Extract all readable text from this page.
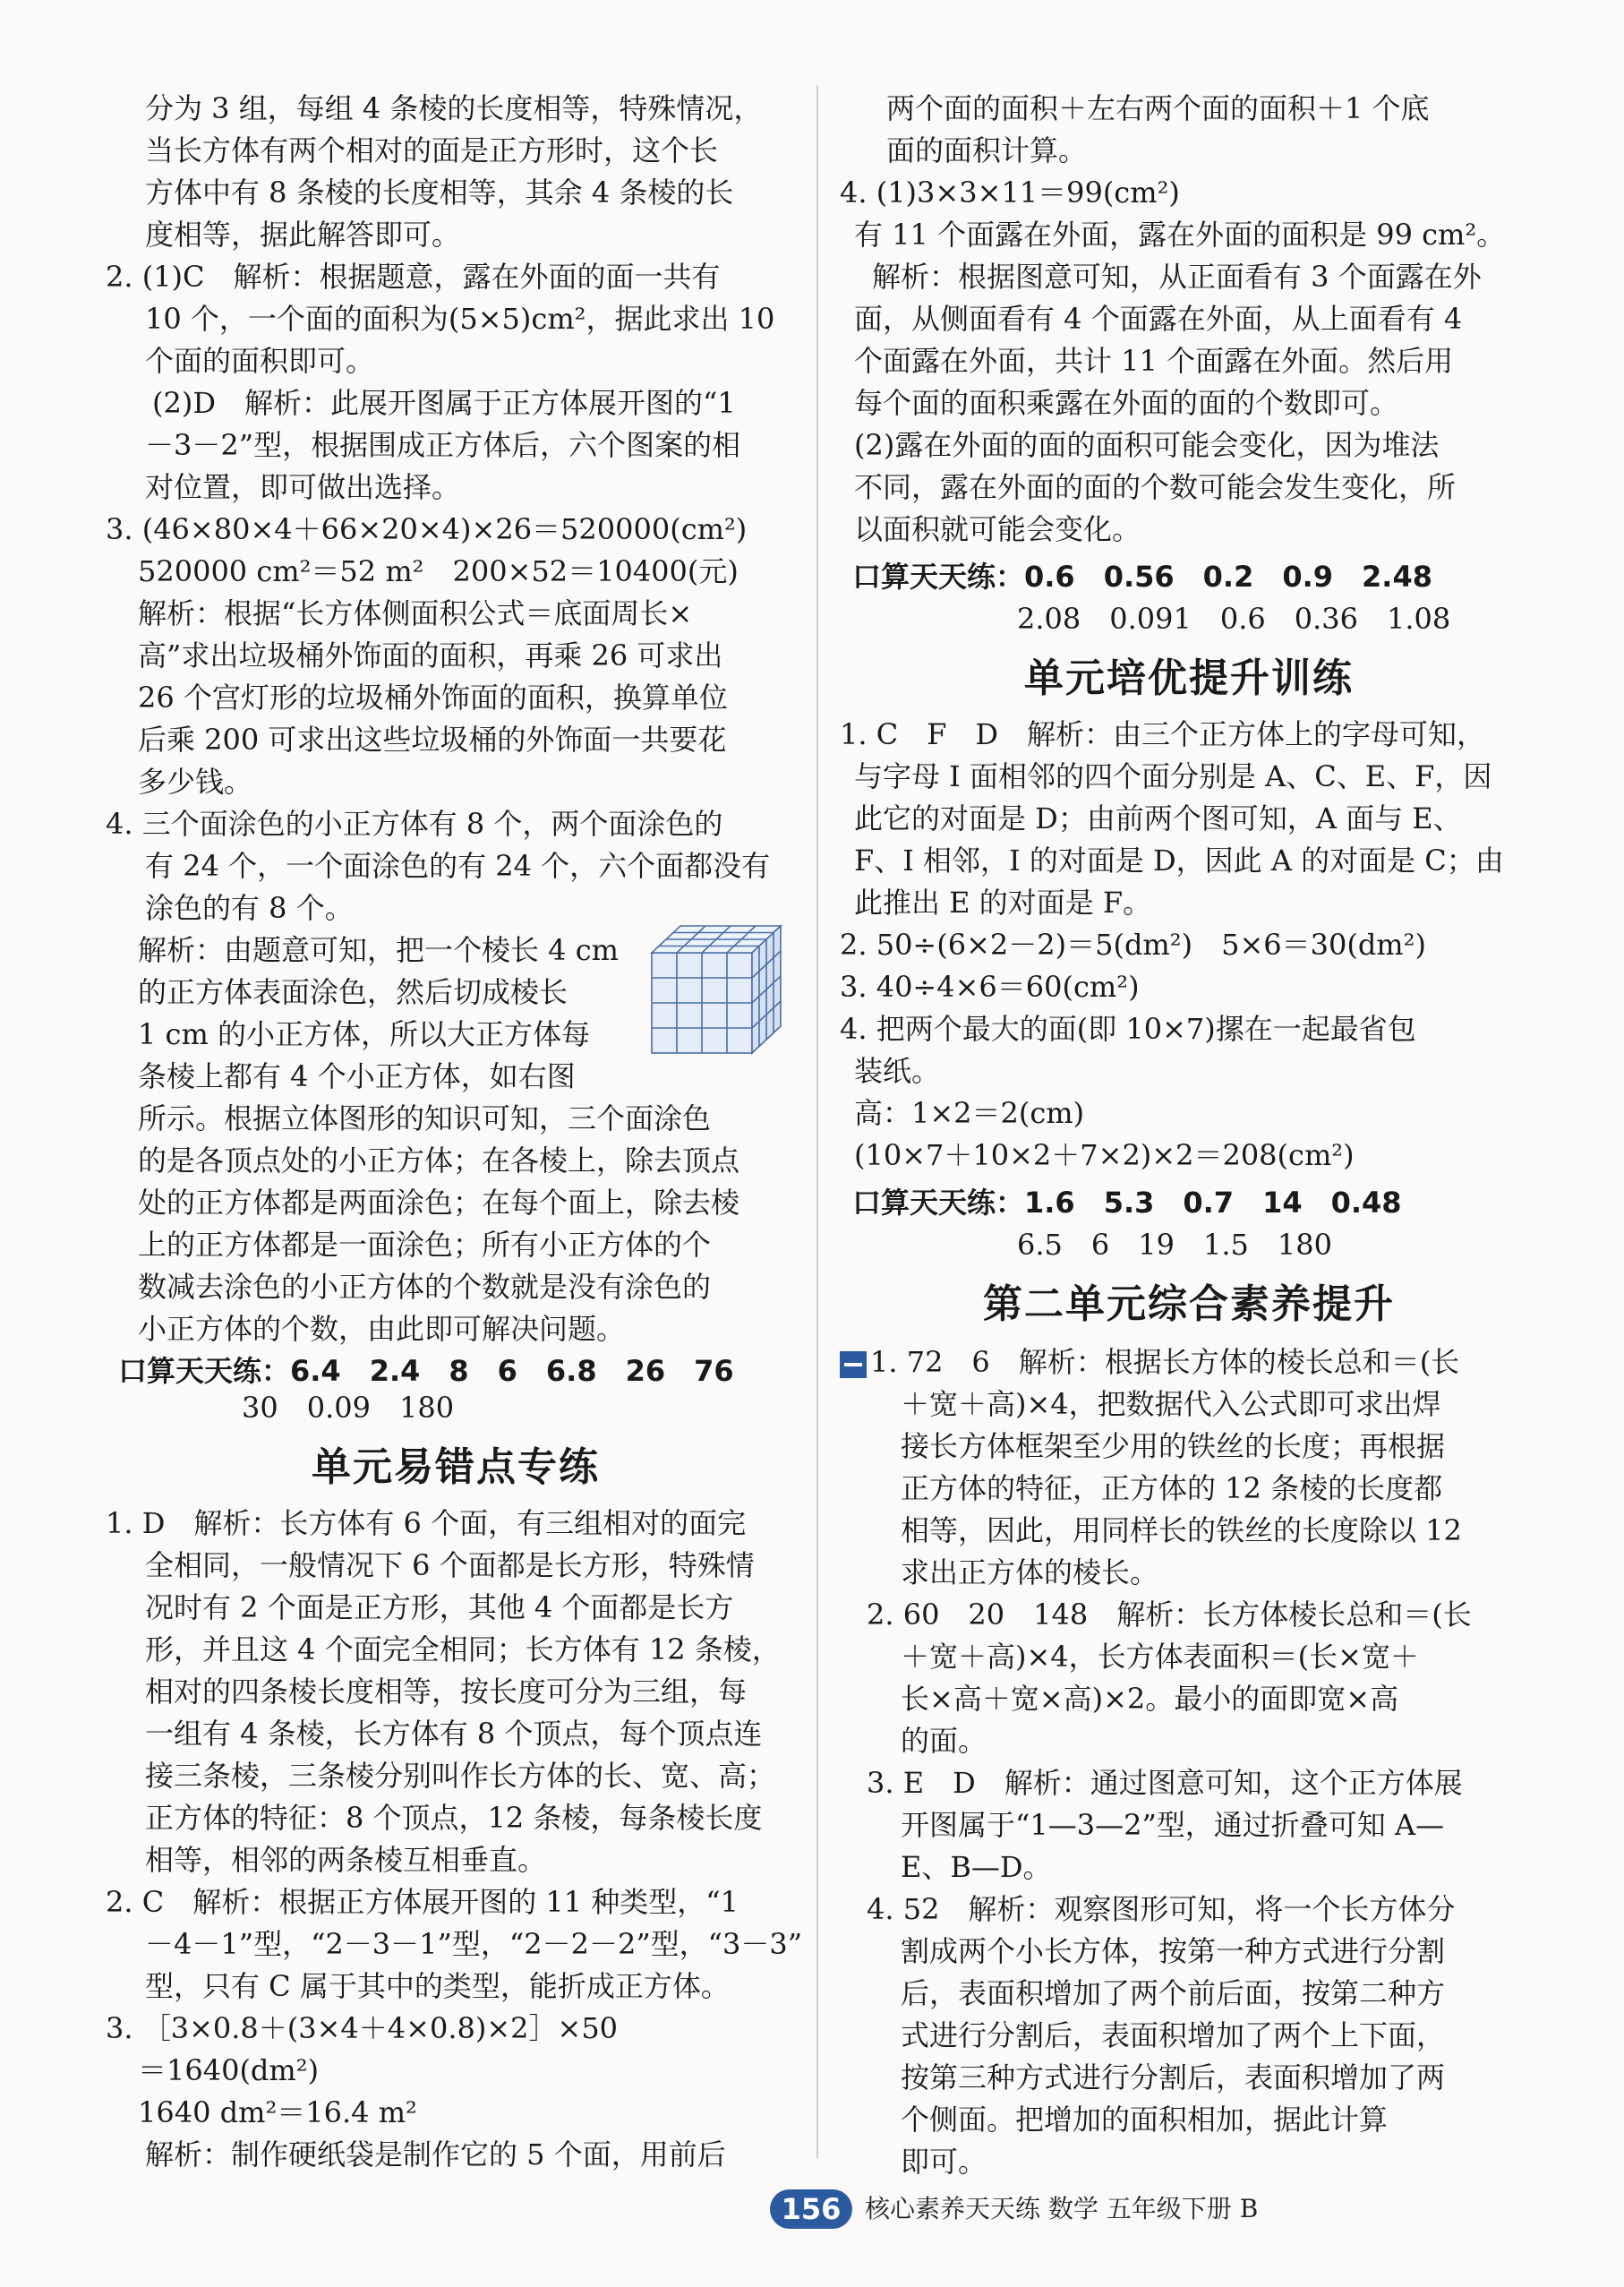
分为 3 组，每组 4 条棱的长度相等，特殊情况，
当长方体有两个相对的面是正方形时，这个长
方体中有 8 条棱的长度相等，其余 4 条棱的长
度相等，据此解答即可。
2. (1)C　解析：根据题意，露在外面的面一共有
10 个，一个面的面积为(5×5)cm²，据此求出 10
个面的面积即可。
(2)D　解析：此展开图属于正方体展开图的“1
－3－2”型，根据围成正方体后，六个图案的相
对位置，即可做出选择。
3. (46×80×4＋66×20×4)×26＝520000(cm²)
520000 cm²＝52 m²　200×52＝10400(元)
解析：根据“长方体侧面积公式＝底面周长×
高”求出垃圾桶外饰面的面积，再乘 26 可求出
26 个宫灯形的垃圾桶外饰面的面积，换算单位
后乘 200 可求出这些垃圾桶的外饰面一共要花
多少钱。
4. 三个面涂色的小正方体有 8 个，两个面涂色的
有 24 个，一个面涂色的有 24 个，六个面都没有
涂色的有 8 个。
解析：由题意可知，把一个棱长 4 cm
的正方体表面涂色，然后切成棱长
1 cm 的小正方体，所以大正方体每
条棱上都有 4 个小正方体，如右图
所示。根据立体图形的知识可知，三个面涂色
的是各顶点处的小正方体；在各棱上，除去顶点
处的正方体都是两面涂色；在每个面上，除去棱
上的正方体都是一面涂色；所有小正方体的个
数减去涂色的小正方体的个数就是没有涂色的
小正方体的个数，由此即可解决问题。
口算天天练：6.4　2.4　8　6　6.8　26　76
30　0.09　180
单元易错点专练
1. D　解析：长方体有 6 个面，有三组相对的面完
全相同，一般情况下 6 个面都是长方形，特殊情
况时有 2 个面是正方形，其他 4 个面都是长方
形，并且这 4 个面完全相同；长方体有 12 条棱，
相对的四条棱长度相等，按长度可分为三组，每
一组有 4 条棱，长方体有 8 个顶点，每个顶点连
接三条棱，三条棱分别叫作长方体的长、宽、高；
正方体的特征：8 个顶点，12 条棱，每条棱长度
相等，相邻的两条棱互相垂直。
2. C　解析：根据正方体展开图的 11 种类型，“1
－4－1”型，“2－3－1”型，“2－2－2”型，“3－3”
型，只有 C 属于其中的类型，能折成正方体。
3. ［3×0.8＋(3×4＋4×0.8)×2］×50
＝1640(dm²)
1640 dm²＝16.4 m²
解析：制作硬纸袋是制作它的 5 个面，用前后
两个面的面积＋左右两个面的面积＋1 个底
面的面积计算。
4. (1)3×3×11＝99(cm²)
有 11 个面露在外面，露在外面的面积是 99 cm²。
解析：根据图意可知，从正面看有 3 个面露在外
面，从侧面看有 4 个面露在外面，从上面看有 4
个面露在外面，共计 11 个面露在外面。然后用
每个面的面积乘露在外面的面的个数即可。
(2)露在外面的面的面积可能会变化，因为堆法
不同，露在外面的面的个数可能会发生变化，所
以面积就可能会变化。
口算天天练：0.6　0.56　0.2　0.9　2.48
2.08　0.091　0.6　0.36　1.08
单元培优提升训练
1. C　F　D　解析：由三个正方体上的字母可知，
与字母 I 面相邻的四个面分别是 A、C、E、F，因
此它的对面是 D；由前两个图可知，A 面与 E、
F、I 相邻，I 的对面是 D，因此 A 的对面是 C；由
此推出 E 的对面是 F。
2. 50÷(6×2－2)＝5(dm²)　5×6＝30(dm²)
3. 40÷4×6＝60(cm²)
4. 把两个最大的面(即 10×7)摞在一起最省包
装纸。
高：1×2＝2(cm)
(10×7＋10×2＋7×2)×2＝208(cm²)
口算天天练：1.6　5.3　0.7　14　0.48
6.5　6　19　1.5　180
第二单元综合素养提升
1. 72　6　解析：根据长方体的棱长总和＝(长
＋宽＋高)×4，把数据代入公式即可求出焊
接长方体框架至少用的铁丝的长度；再根据
正方体的特征，正方体的 12 条棱的长度都
相等，因此，用同样长的铁丝的长度除以 12
求出正方体的棱长。
2. 60　20　148　解析：长方体棱长总和＝(长
＋宽＋高)×4，长方体表面积＝(长×宽＋
长×高＋宽×高)×2。最小的面即宽×高
的面。
3. E　D　解析：通过图意可知，这个正方体展
开图属于“1—3—2”型，通过折叠可知 A—
E、B—D。
4. 52　解析：观察图形可知，将一个长方体分
割成两个小长方体，按第一种方式进行分割
后，表面积增加了两个前后面，按第二种方
式进行分割后，表面积增加了两个上下面，
按第三种方式进行分割后，表面积增加了两
个侧面。把增加的面积相加，据此计算
即可。
156 核心素养天天练 数学 五年级下册 B
